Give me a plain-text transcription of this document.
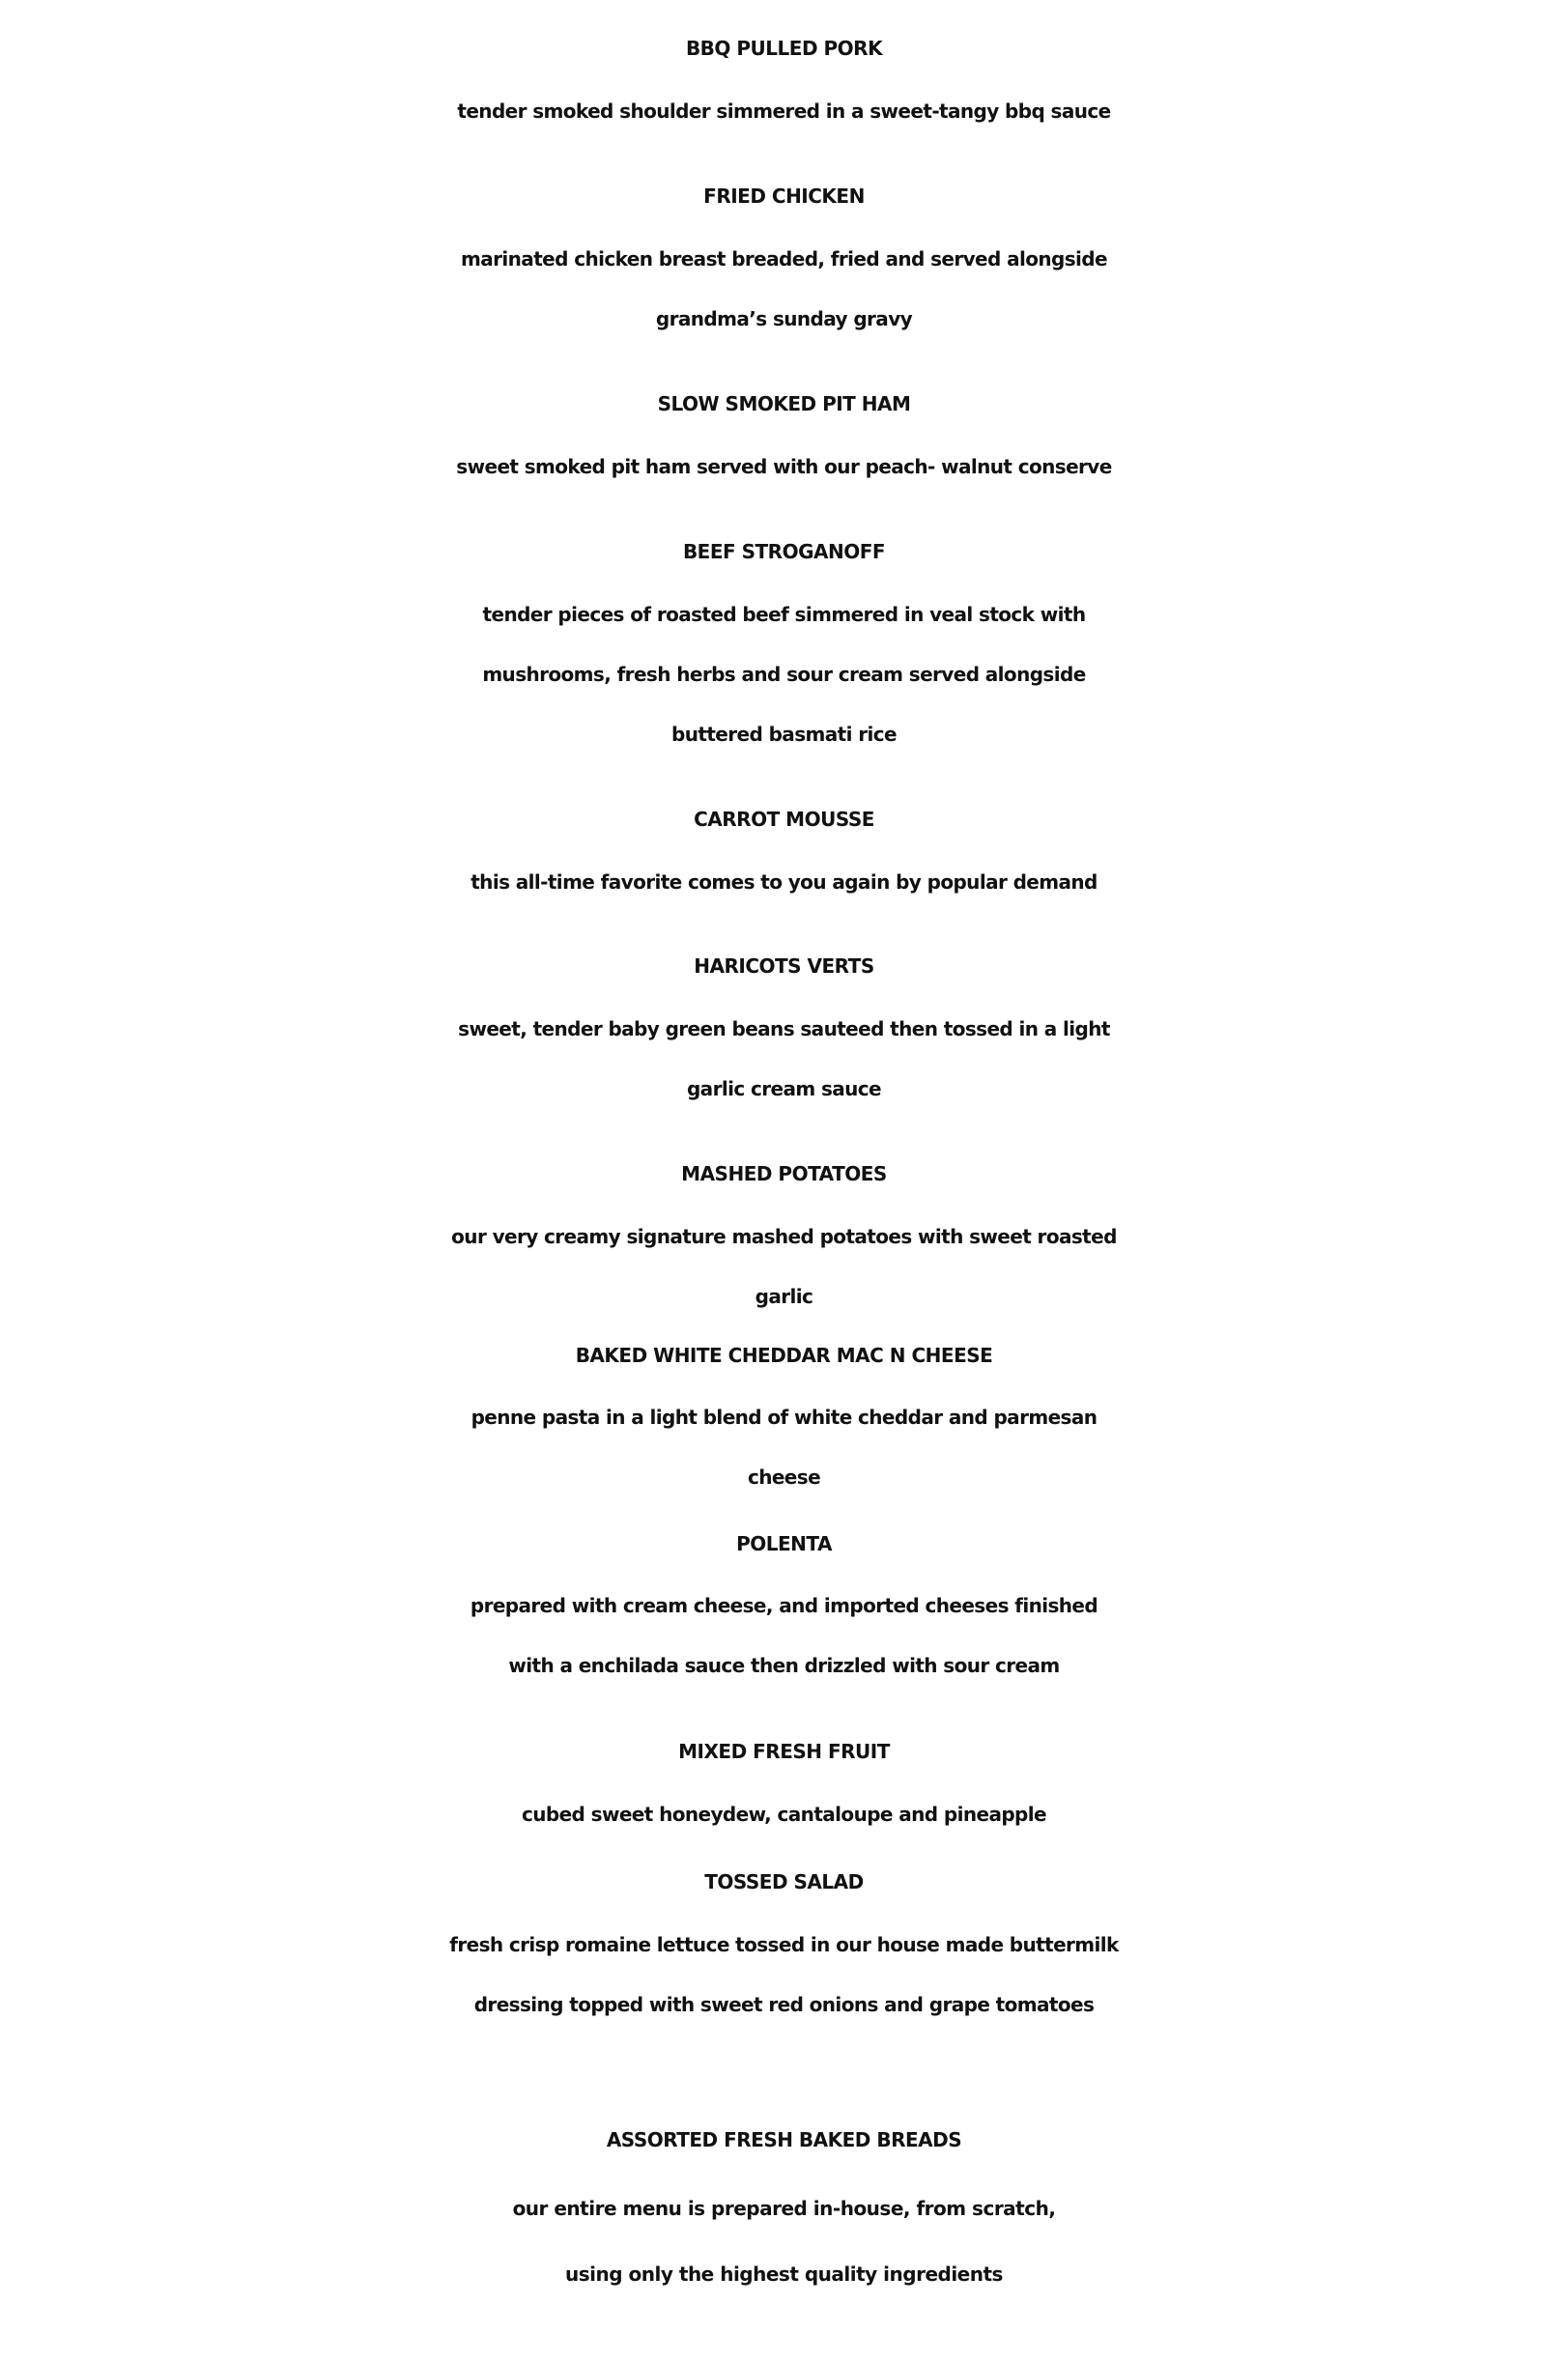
BBQ PULLED PORK
tender smoked shoulder simmered in a sweet-tangy bbq sauce
FRIED CHICKEN
marinated chicken breast breaded, fried and served alongside
grandma’s sunday gravy
SLOW SMOKED PIT HAM
sweet smoked pit ham served with our peach- walnut conserve
BEEF STROGANOFF
tender pieces of roasted beef simmered in veal stock with
mushrooms, fresh herbs and sour cream served alongside
buttered basmati rice
CARROT MOUSSE
this all-time favorite comes to you again by popular demand
HARICOTS VERTS
sweet, tender baby green beans sauteed then tossed in a light
garlic cream sauce
MASHED POTATOES
our very creamy signature mashed potatoes with sweet roasted
garlic
BAKED WHITE CHEDDAR MAC N CHEESE
penne pasta in a light blend of white cheddar and parmesan
cheese
POLENTA
prepared with cream cheese, and imported cheeses finished
with a enchilada sauce then drizzled with sour cream
MIXED FRESH FRUIT
cubed sweet honeydew, cantaloupe and pineapple
TOSSED SALAD
fresh crisp romaine lettuce tossed in our house made buttermilk
dressing topped with sweet red onions and grape tomatoes
ASSORTED FRESH BAKED BREADS
our entire menu is prepared in-house, from scratch,
using only the highest quality ingredients
